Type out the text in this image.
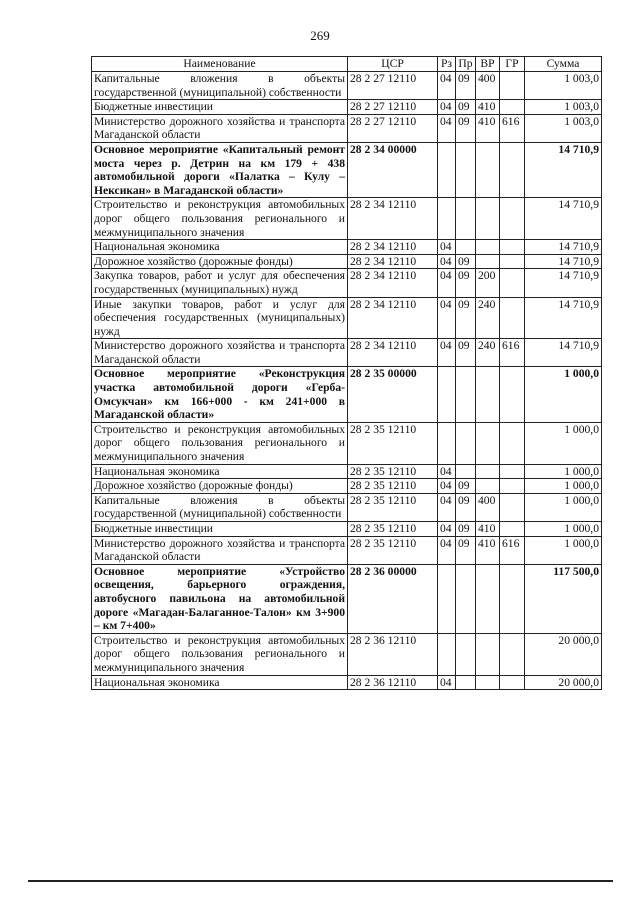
269
Наименование	ЦСР	Рз	Пр	ВР	ГР	Сумма
Капитальные вложения в объекты государственной (муниципальной) собственности	28 2 27 12110	04	09	400		1 003,0
Бюджетные инвестиции	28 2 27 12110	04	09	410		1 003,0
Министерство дорожного хозяйства и транспорта Магаданской области	28 2 27 12110	04	09	410	616	1 003,0
Основное мероприятие «Капитальный ремонт моста через р. Детрин на км 179 + 438 автомобильной дороги «Палатка – Кулу – Нексикан» в Магаданской области»	28 2 34 00000					14 710,9
Строительство и реконструкция автомобильных дорог общего пользования регионального и межмуниципального значения	28 2 34 12110					14 710,9
Национальная экономика	28 2 34 12110	04				14 710,9
Дорожное хозяйство (дорожные фонды)	28 2 34 12110	04	09			14 710,9
Закупка товаров, работ и услуг для обеспечения государственных (муниципальных) нужд	28 2 34 12110	04	09	200		14 710,9
Иные закупки товаров, работ и услуг для обеспечения государственных (муниципальных) нужд	28 2 34 12110	04	09	240		14 710,9
Министерство дорожного хозяйства и транспорта Магаданской области	28 2 34 12110	04	09	240	616	14 710,9
Основное мероприятие «Реконструкция участка автомобильной дороги «Герба-Омсукчан» км 166+000 - км 241+000 в Магаданской области»	28 2 35 00000					1 000,0
Строительство и реконструкция автомобильных дорог общего пользования регионального и межмуниципального значения	28 2 35 12110					1 000,0
Национальная экономика	28 2 35 12110	04				1 000,0
Дорожное хозяйство (дорожные фонды)	28 2 35 12110	04	09			1 000,0
Капитальные вложения в объекты государственной (муниципальной) собственности	28 2 35 12110	04	09	400		1 000,0
Бюджетные инвестиции	28 2 35 12110	04	09	410		1 000,0
Министерство дорожного хозяйства и транспорта Магаданской области	28 2 35 12110	04	09	410	616	1 000,0
Основное мероприятие «Устройство освещения, барьерного ограждения, автобусного павильона на автомобильной дороге «Магадан-Балаганное-Талон» км 3+900 – км 7+400»	28 2 36 00000					117 500,0
Строительство и реконструкция автомобильных дорог общего пользования регионального и межмуниципального значения	28 2 36 12110					20 000,0
Национальная экономика	28 2 36 12110	04				20 000,0
